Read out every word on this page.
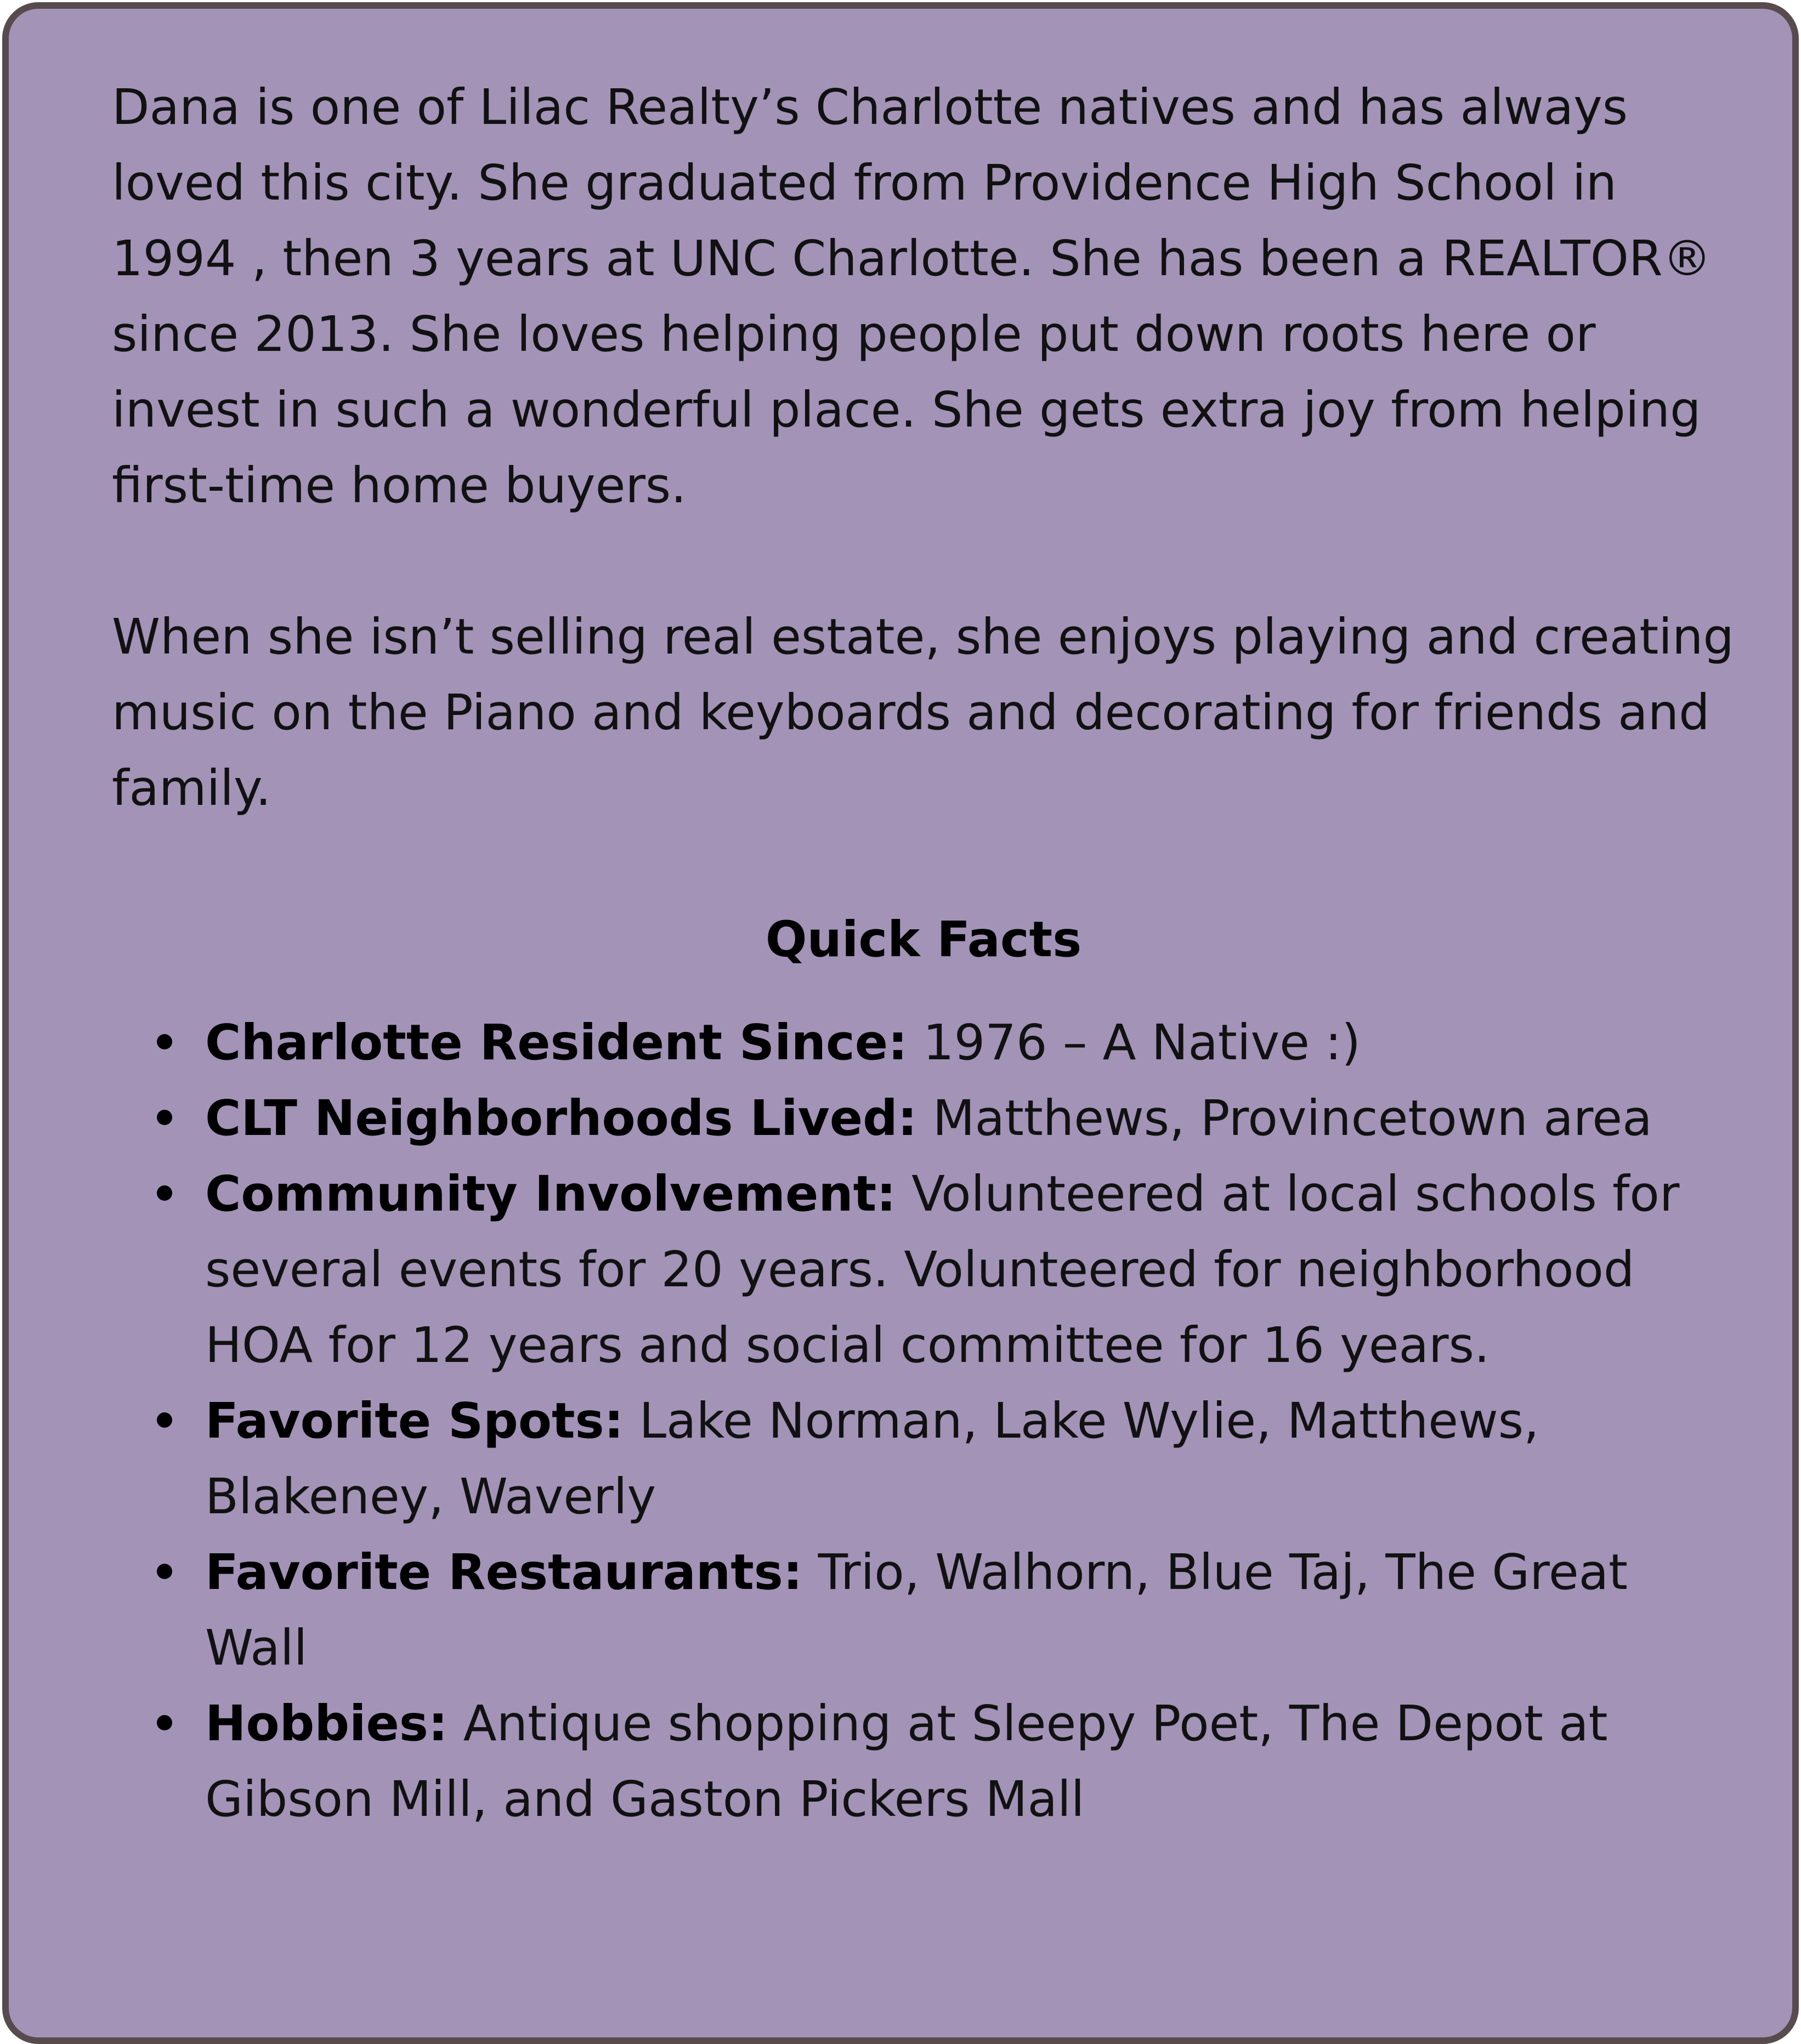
Dana is one of Lilac Realty’s Charlotte natives and has always loved this city. She graduated from Providence High School in 1994 , then 3 years at UNC Charlotte. She has been a REALTOR® since 2013. She loves helping people put down roots here or invest in such a wonderful place. She gets extra joy from helping first-time home buyers.

When she isn’t selling real estate, she enjoys playing and creating music on the Piano and keyboards and decorating for friends and family.

Quick Facts
Charlotte Resident Since: 1976 – A Native :)
CLT Neighborhoods Lived: Matthews, Provincetown area
Community Involvement: Volunteered at local schools for several events for 20 years. Volunteered for neighborhood HOA for 12 years and social committee for 16 years.
Favorite Spots: Lake Norman, Lake Wylie, Matthews, Blakeney, Waverly
Favorite Restaurants: Trio, Walhorn, Blue Taj, The Great Wall
Hobbies: Antique shopping at Sleepy Poet, The Depot at Gibson Mill, and Gaston Pickers Mall
